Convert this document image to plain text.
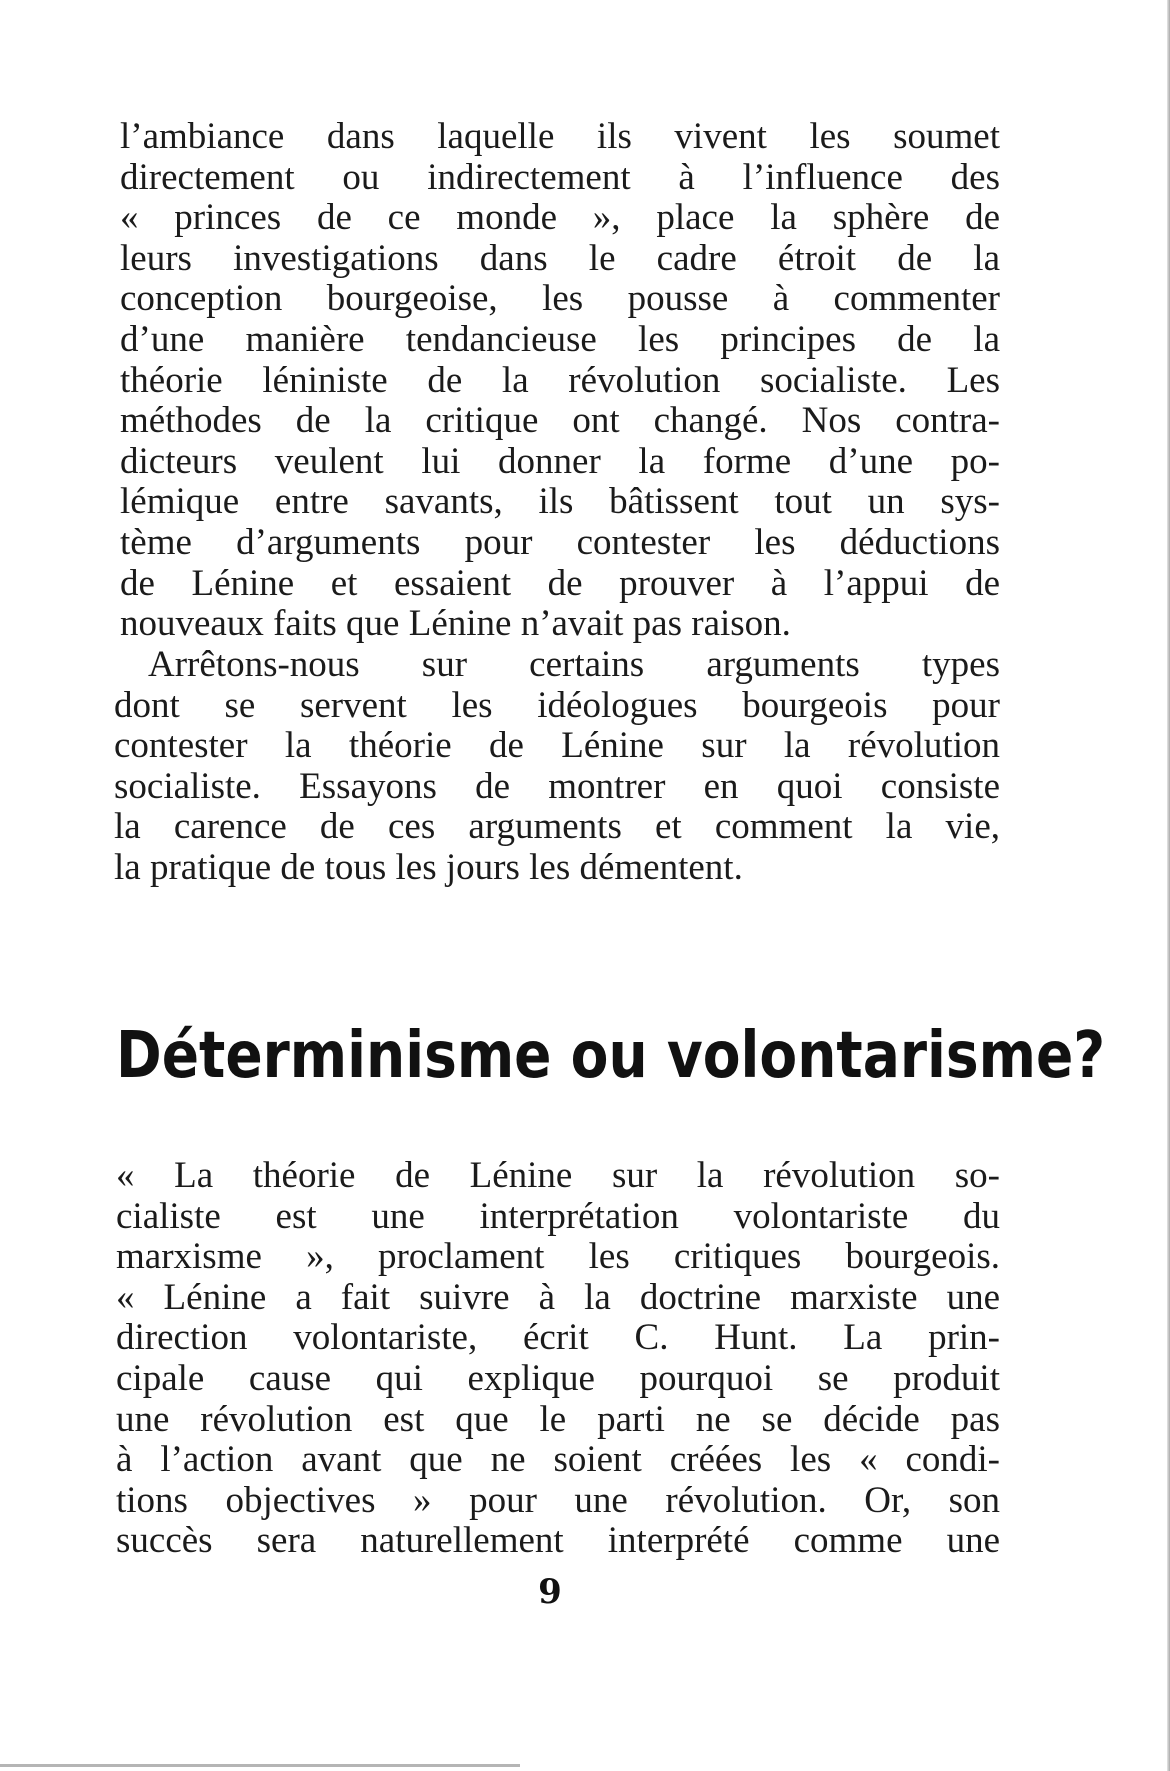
l’ambiance dans laquelle ils vivent les soumet
directement ou indirectement à l’influence des
« princes de ce monde », place la sphère de
leurs investigations dans le cadre étroit de la
conception bourgeoise, les pousse à commenter
d’une manière tendancieuse les principes de la
théorie léniniste de la révolution socialiste. Les
méthodes de la critique ont changé. Nos contra-
dicteurs veulent lui donner la forme d’une po-
lémique entre savants, ils bâtissent tout un sys-
tème d’arguments pour contester les déductions
de Lénine et essaient de prouver à l’appui de
nouveaux faits que Lénine n’avait pas raison.
Arrêtons-nous sur certains arguments types
dont se servent les idéologues bourgeois pour
contester la théorie de Lénine sur la révolution
socialiste. Essayons de montrer en quoi consiste
la carence de ces arguments et comment la vie,
la pratique de tous les jours les démentent.
Déterminisme ou volontarisme?
« La théorie de Lénine sur la révolution so-
cialiste est une interprétation volontariste du
marxisme », proclament les critiques bourgeois.
« Lénine a fait suivre à la doctrine marxiste une
direction volontariste, écrit C. Hunt. La prin-
cipale cause qui explique pourquoi se produit
une révolution est que le parti ne se décide pas
à l’action avant que ne soient créées les « condi-
tions objectives » pour une révolution. Or, son
succès sera naturellement interprété comme une
9
